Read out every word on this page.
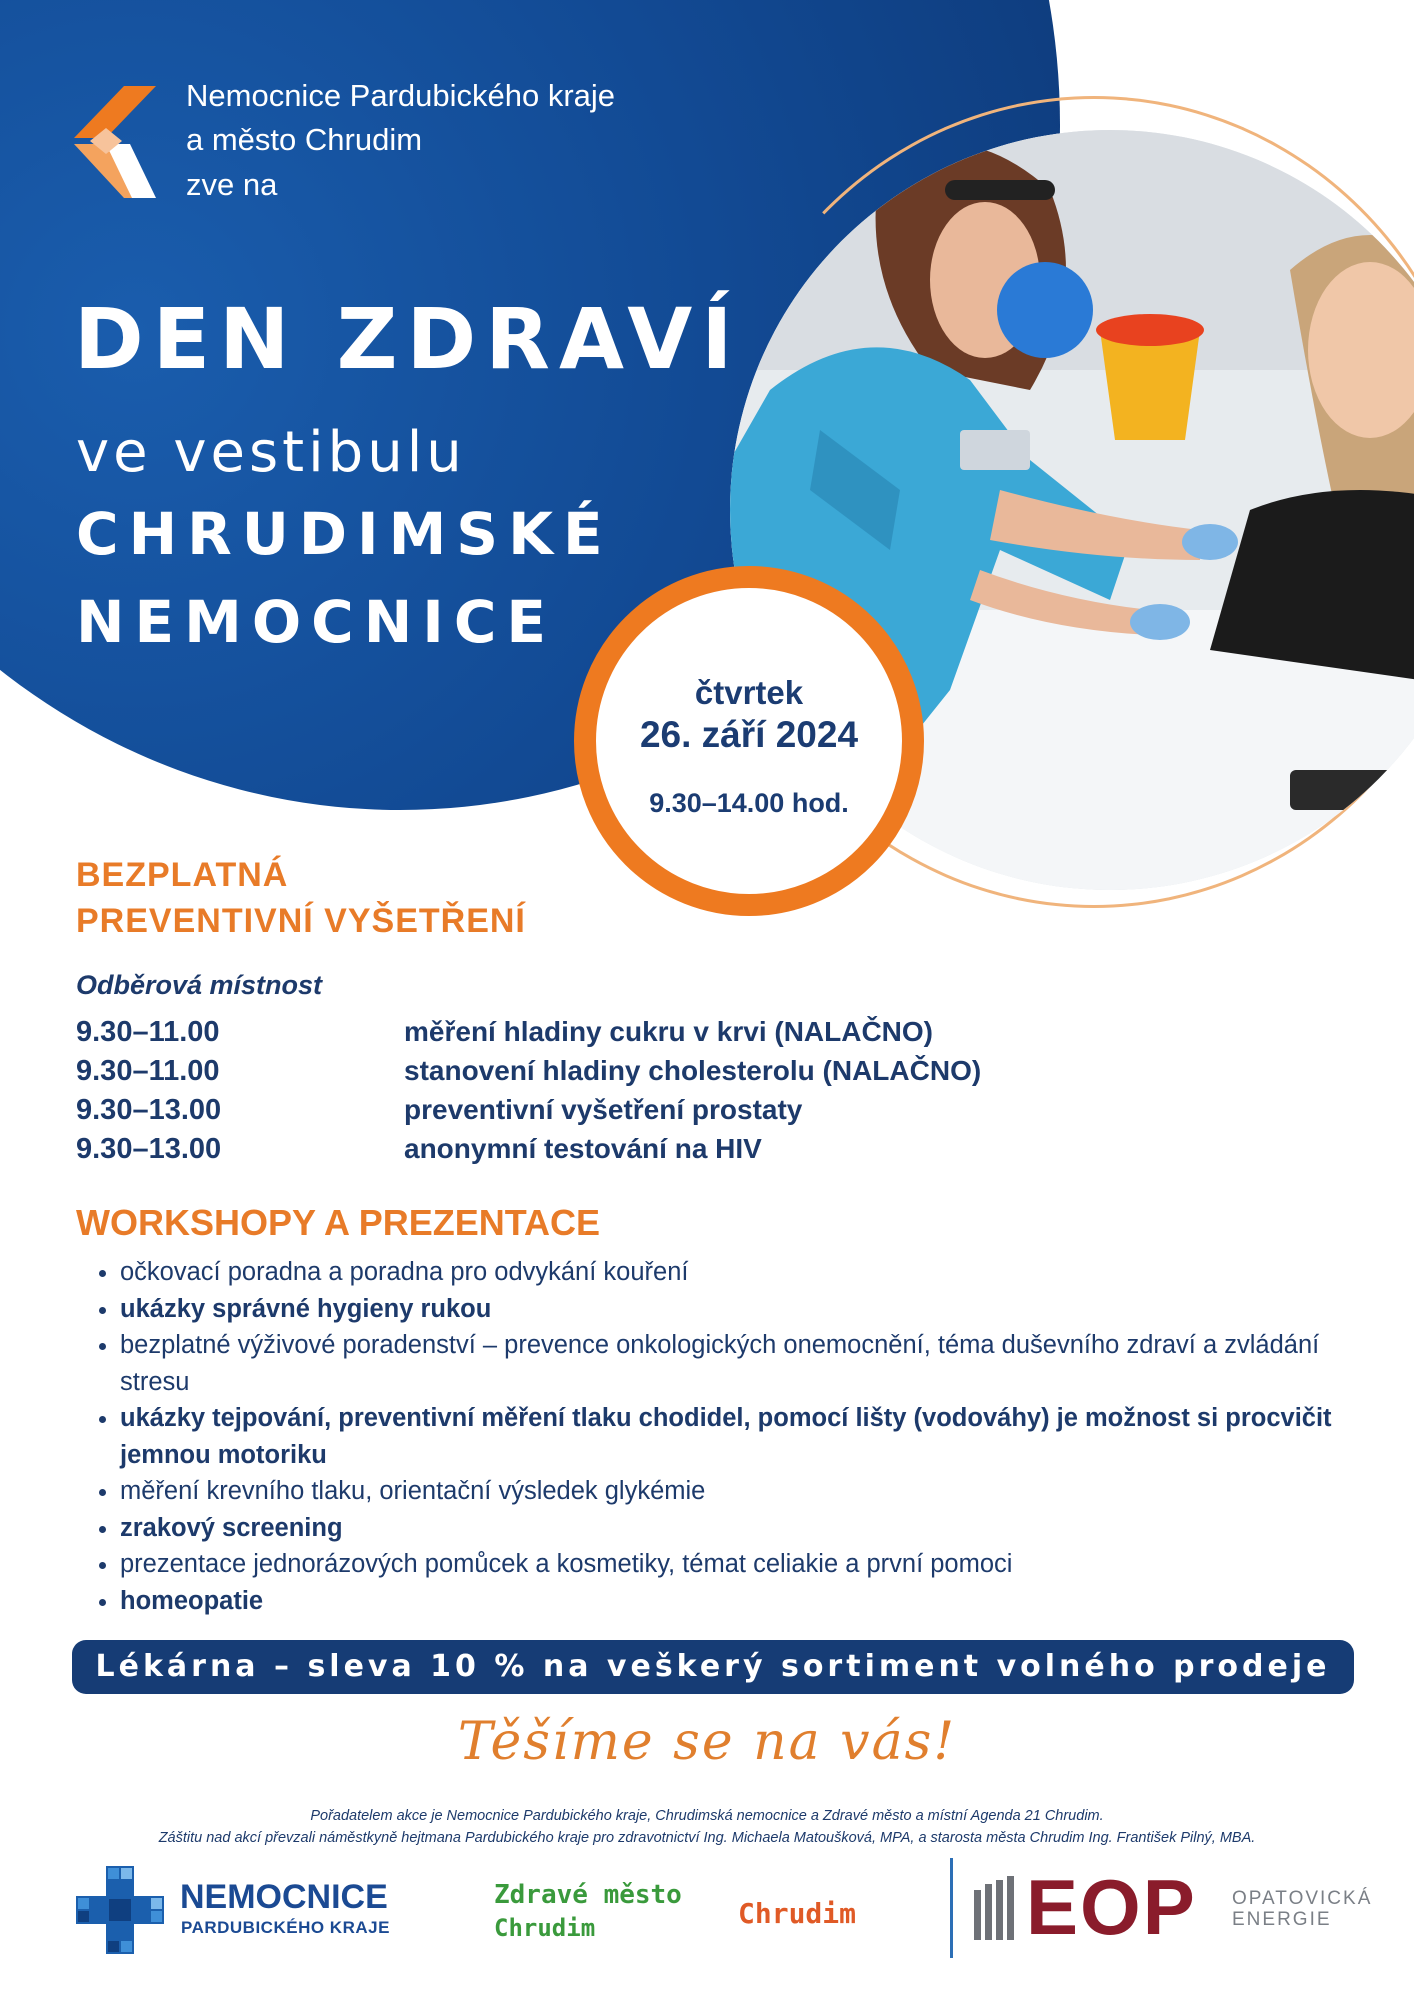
Nemocnice Pardubického kraje
a město Chrudim
zve na
DEN ZDRAVÍ
ve vestibulu
CHRUDIMSKÉ
NEMOCNICE
čtvrtek
26. září 2024
9.30–14.00 hod.
BEZPLATNÁ
PREVENTIVNÍ VYŠETŘENÍ
Odběrová místnost
9.30–11.00	měření hladiny cukru v krvi (NALAČNO)
9.30–11.00	stanovení hladiny cholesterolu (NALAČNO)
9.30–13.00	preventivní vyšetření prostaty
9.30–13.00	anonymní testování na HIV
WORKSHOPY A PREZENTACE
• očkovací poradna a poradna pro odvykání kouření
• ukázky správné hygieny rukou
• bezplatné výživové poradenství – prevence onkologických onemocnění, téma duševního zdraví a zvládání stresu
• ukázky tejpování, preventivní měření tlaku chodidel, pomocí lišty (vodováhy) je možnost si procvičit jemnou motoriku
• měření krevního tlaku, orientační výsledek glykémie
• zrakový screening
• prezentace jednorázových pomůcek a kosmetiky, témat celiakie a první pomoci
• homeopatie
Lékárna – sleva 10 % na veškerý sortiment volného prodeje
Těšíme se na vás!
Pořadatelem akce je Nemocnice Pardubického kraje, Chrudimská nemocnice a Zdravé město a místní Agenda 21 Chrudim.
Záštitu nad akcí převzali náměstkyně hejtmana Pardubického kraje pro zdravotnictví Ing. Michaela Matoušková, MPA, a starosta města Chrudim Ing. František Pilný, MBA.
NEMOCNICE
PARDUBICKÉHO KRAJE
Zdravé město
Chrudim	Chrudim EOP OPATOVICKÁ
ENERGIE
